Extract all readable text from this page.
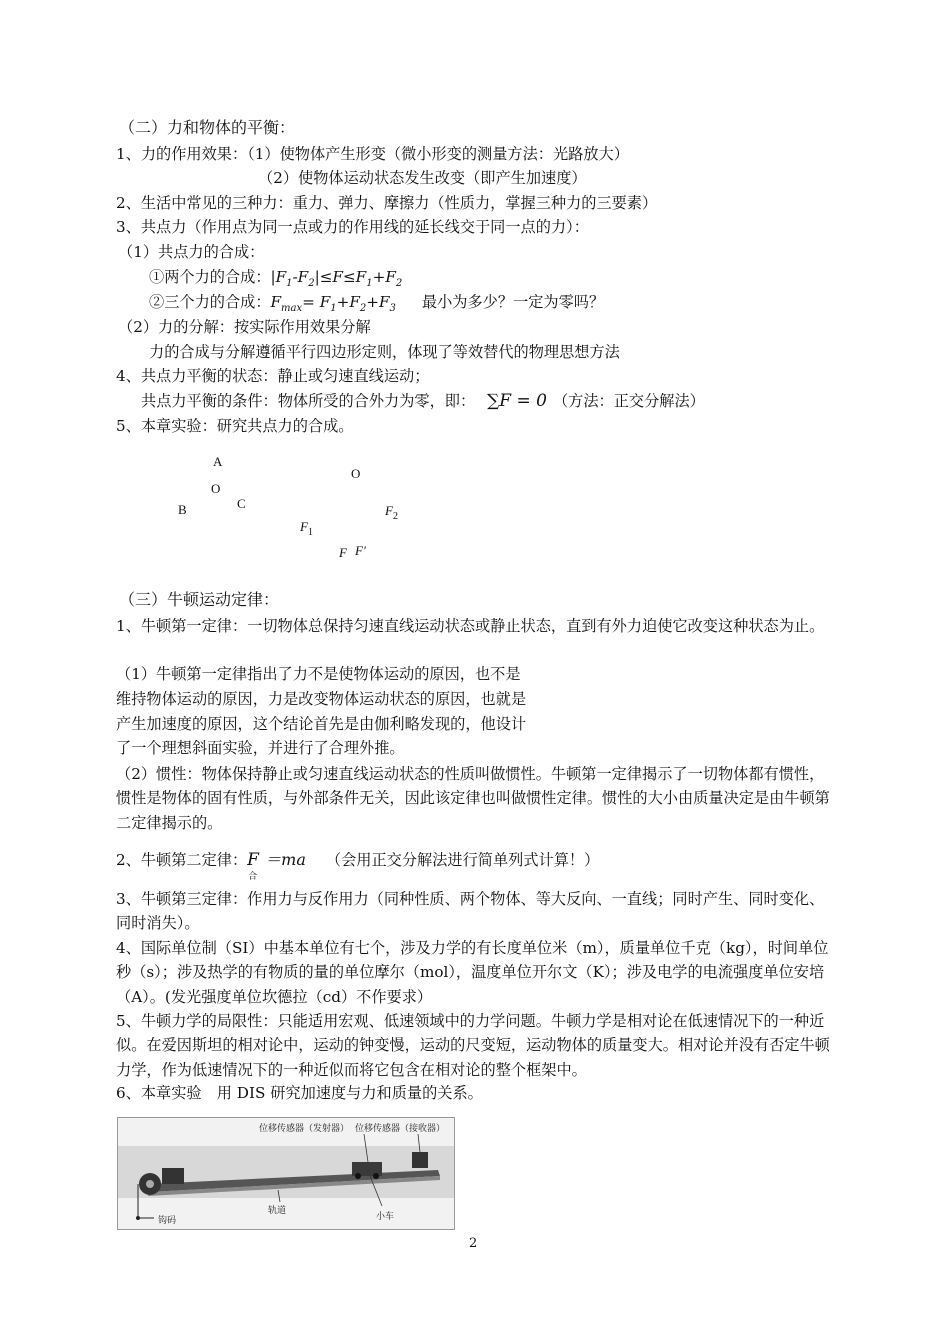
（二）力和物体的平衡：
1、力的作用效果：（1）使物体产生形变（微小形变的测量方法：光路放大）
（2）使物体运动状态发生改变（即产生加速度）
2、生活中常见的三种力：重力、弹力、摩擦力（性质力，掌握三种力的三要素）
3、共点力（作用点为同一点或力的作用线的延长线交于同一点的力）：
（1）共点力的合成：
①两个力的合成：$|F_1-F_2|\le F\le F_1+F_2$
②三个力的合成：$F_{max}= F_1+F_2+F_3$ 最小为多少？一定为零吗？
（2）力的分解：按实际作用效果分解
力的合成与分解遵循平行四边形定则，体现了等效替代的物理思想方法
4、共点力平衡的状态：静止或匀速直线运动；
共点力平衡的条件：物体所受的合外力为零，即： ∑F = 0 （方法：正交分解法）
5、本章实验：研究共点力的合成。
A
O
C
B
O
$F_2$
$F_1$
F F′
（三）牛顿运动定律：
1、牛顿第一定律：一切物体总保持匀速直线运动状态或静止状态，直到有外力迫使它改变这种状态为止。
（1）牛顿第一定律指出了力不是使物体运动的原因，也不是
维持物体运动的原因，力是改变物体运动状态的原因，也就是
产生加速度的原因，这个结论首先是由伽利略发现的，他设计
了一个理想斜面实验，并进行了合理外推。
（2）惯性：物体保持静止或匀速直线运动状态的性质叫做惯性。牛顿第一定律揭示了一切物体都有惯性，惯性是物体的固有性质，与外部条件无关，因此该定律也叫做惯性定律。惯性的大小由质量决定是由牛顿第二定律揭示的。
2、牛顿第二定律：F
合
＝ma （会用正交分解法进行简单列式计算！）
3、牛顿第三定律：作用力与反作用力（同种性质、两个物体、等大反向、一直线；同时产生、同时变化、同时消失）。
4、国际单位制（SI）中基本单位有七个，涉及力学的有长度单位米（m），质量单位千克（kg），时间单位秒（s）；涉及热学的有物质的量的单位摩尔（mol），温度单位开尔文（K）；涉及电学的电流强度单位安培（A）。(发光强度单位坎德拉（cd）不作要求）
5、牛顿力学的局限性：只能适用宏观、低速领域中的力学问题。牛顿力学是相对论在低速情况下的一种近似。在爱因斯坦的相对论中，运动的钟变慢，运动的尺变短，运动物体的质量变大。相对论并没有否定牛顿力学，作为低速情况下的一种近似而将它包含在相对论的整个框架中。
6、本章实验　用 DIS 研究加速度与力和质量的关系。
位移传感器（发射器） 位移传感器（接收器）
轨道
小车
钩码
2
